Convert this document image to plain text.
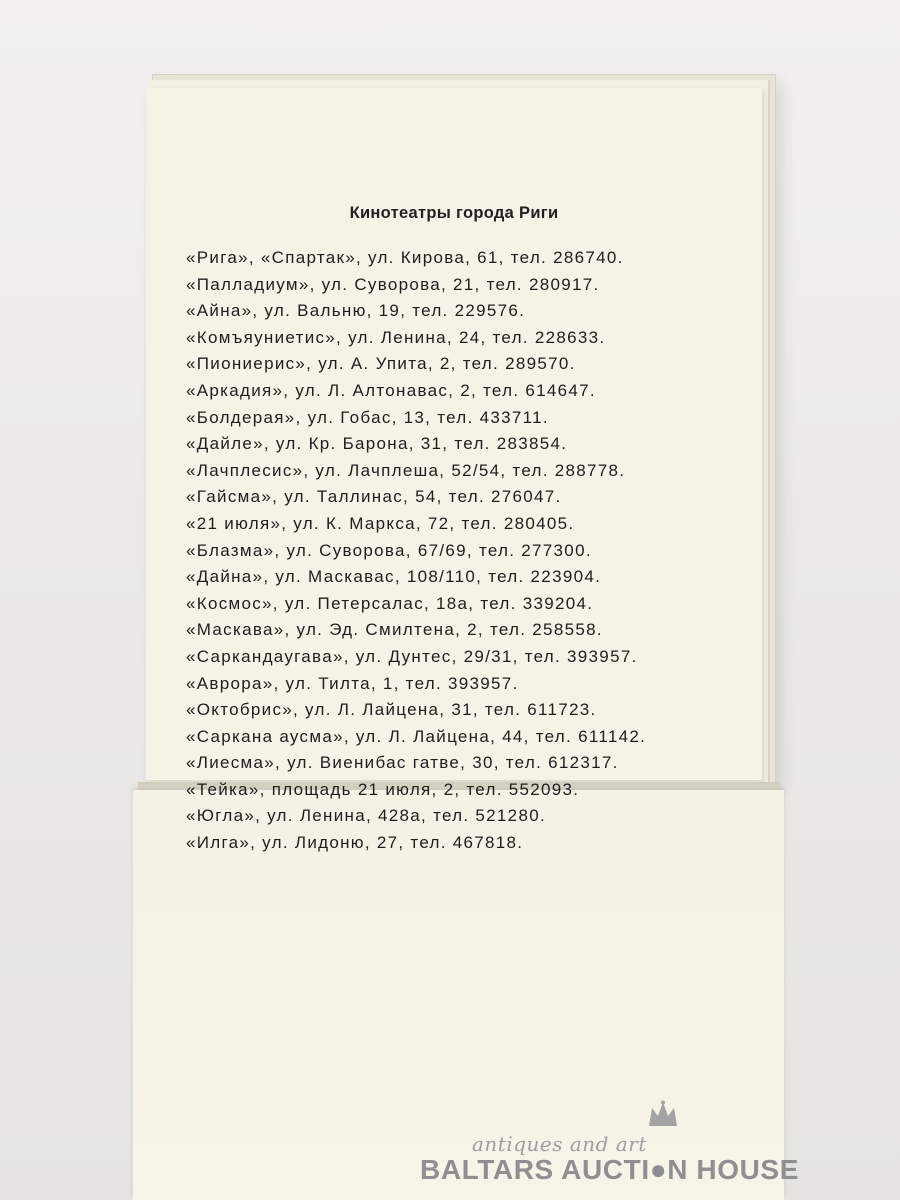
Кинотеатры города Риги
«Рига», «Спартак», ул. Кирова, 61, тел. 286740.
«Палладиум», ул. Суворова, 21, тел. 280917.
«Айна», ул. Вальню, 19, тел. 229576.
«Комъяуниетис», ул. Ленина, 24, тел. 228633.
«Пиониерис», ул. А. Упита, 2, тел. 289570.
«Аркадия», ул. Л. Алтонавас, 2, тел. 614647.
«Болдерая», ул. Гобас, 13, тел. 433711.
«Дайле», ул. Кр. Барона, 31, тел. 283854.
«Лачплесис», ул. Лачплеша, 52/54, тел. 288778.
«Гайсма», ул. Таллинас, 54, тел. 276047.
«21 июля», ул. К. Маркса, 72, тел. 280405.
«Блазма», ул. Суворова, 67/69, тел. 277300.
«Дайна», ул. Маскавас, 108/110, тел. 223904.
«Космос», ул. Петерсалас, 18а, тел. 339204.
«Маскава», ул. Эд. Смилтена, 2, тел. 258558.
«Саркандаугава», ул. Дунтес, 29/31, тел. 393957.
«Аврора», ул. Тилта, 1, тел. 393957.
«Октобрис», ул. Л. Лайцена, 31, тел. 611723.
«Саркана аусма», ул. Л. Лайцена, 44, тел. 611142.
«Лиесма», ул. Виенибас гатве, 30, тел. 612317.
«Тейка», площадь 21 июля, 2, тел. 552093.
«Югла», ул. Ленина, 428а, тел. 521280.
«Илга», ул. Лидоню, 27, тел. 467818.
antiques and art
BALTARS AUCTI●N HOUSE
